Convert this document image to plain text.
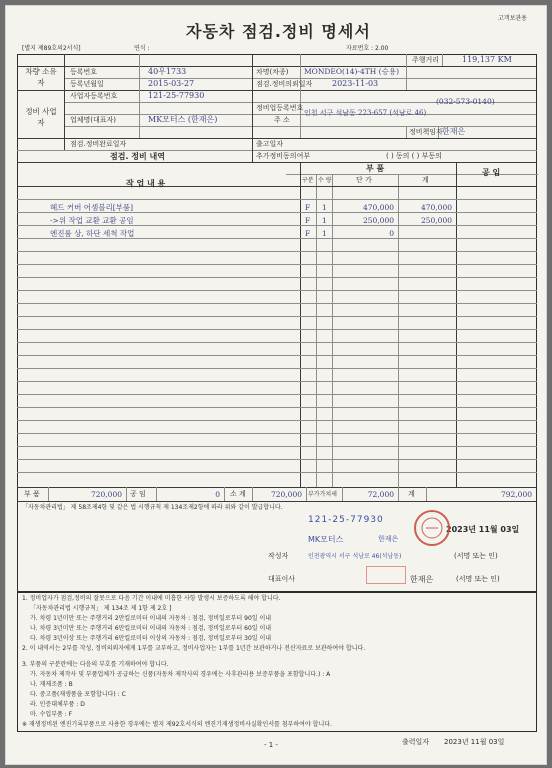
고객보관용
자동차 점검.정비 명세서
[별지 제89호의2서식]	연식 :	자료번호 : 2.00
차량 소유자
등록번호	40우1733
등록년월일	2015-03-27
차명(차종) MONDEO(14)-4TH (승용)
주행거리	119,137 KM
점검.정비의뢰일자 2023-11-03
정비 사업자
사업자등록번호	121-25-77930
정비업등록번호
(032-573-0140)
업체명(대표자)	MK모터스 (한재은)	주 소
인천 서구 석남동 223-657 (석남로 46)
정비책임자 한재은
점검.정비완료일자	출고일자
점검. 정비 내역	추가정비동의여부	( ) 동의 ( ) 부동의
작 업 내 용
부 품	공 임
구분 수 량	단 가	계
헤드 커버 어셈블리[부품]	F 1	470,000	470,000
->위 작업 교환 교환 공임	F 1	250,000	250,000
엔진룸 상, 하단 세척 작업	F 1	0
부 품	720,000 공 임	0 소 계	720,000 부가가치세	72,000 계	792,000
「자동차관리법」 제 58조제4항 및 같은 법 시행규칙 제 134조제2항에 따라 위와 같이 발급합니다.
121-25-77930
2023년 11월 03일
MK모터스	한재은
작성자	인천광역시 서구 석남로 46(석남동)	(서명 또는 인)
대표이사	한재은	(서명 또는 인)
1. 정비업자가 점검,정비의 잘못으로 다음 기간 이내에 미흡한 사항 발생시 보증하도록 해야 합니다.
「자동차관리법 시행규칙」 제 134조 제 1항 제 2호 ]
가. 차령 1년미만 또는 주행거리 2만킬로미터 이내의 자동차 : 점검, 정비일로부터 90일 이내
나. 차령 3년미만 또는 주행거리 6만킬로미터 이내의 자동차 : 점검, 정비일로부터 60일 이내
다. 차령 3년이상 또는 주행거리 6만킬로미터 이상의 자동차 : 점검, 정비일로부터 30일 이내
2. 이 내역서는 2부를 작성, 정비의뢰자에게 1부를 교부하고, 정비사업자는 1부를 1년간 보관하거나 전산자료로 보관하여야 합니다.
3. 부품의 구분란에는 다음의 부호를 기재하여야 합니다.
가. 자동차 제작사 및 부품업체가 공급하는 신품(자동차 제작사의 경우에는 사후관리용 보증부품을 포함합니다.) : A
나. 재제조품 : B
다. 중고품(재생품을 포함합니다) : C
라. 인증대체부품 : D
마. 수입부품 : F
※ 재생정비된 엔진기록부품으로 사용한 경우에는 별지 제92호서식의 엔진기재생정비사실확인서를 첨부하여야 합니다.
- 1 -	출력일자 2023년 11월 03일
